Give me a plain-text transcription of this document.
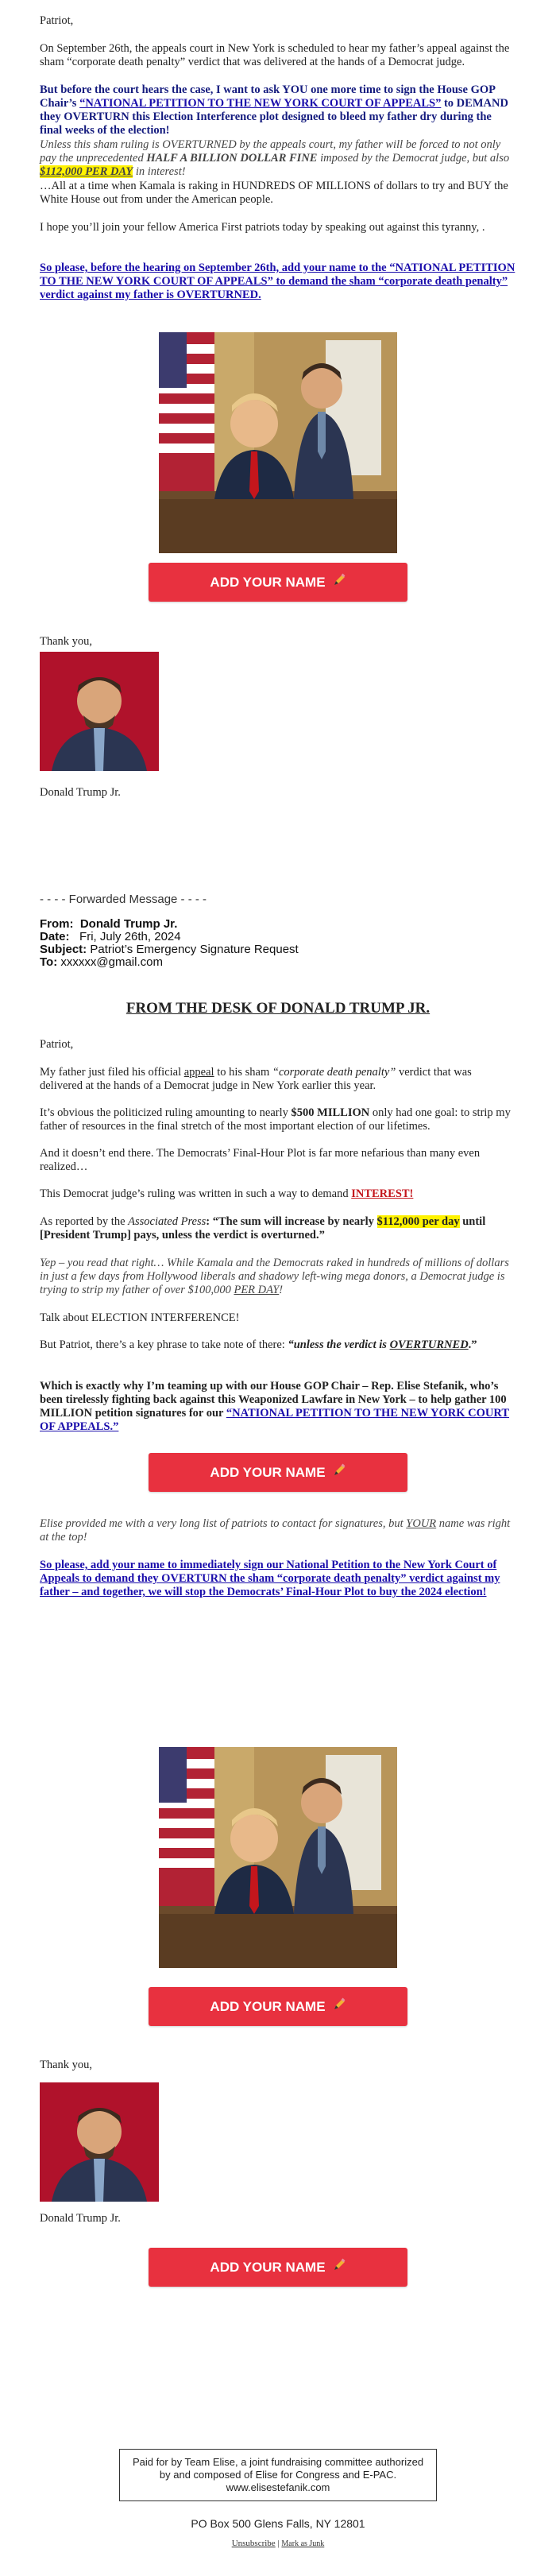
Patriot,

On September 26th, the appeals court in New York is scheduled to hear my father’s appeal against the sham “corporate death penalty” verdict that was delivered at the hands of a Democrat judge.

But before the court hears the case, I want to ask YOU one more time to sign the House GOP Chair’s “NATIONAL PETITION TO THE NEW YORK COURT OF APPEALS” to DEMAND they OVERTURN this Election Interference plot designed to bleed my father dry during the final weeks of the election!

Unless this sham ruling is OVERTURNED by the appeals court, my father will be forced to not only pay the unprecedented HALF A BILLION DOLLAR FINE imposed by the Democrat judge, but also $112,000 PER DAY in interest!

…All at a time when Kamala is raking in HUNDREDS OF MILLIONS of dollars to try and BUY the White House out from under the American people.

I hope you’ll join your fellow America First patriots today by speaking out against this tyranny, .

So please, before the hearing on September 26th, add your name to the “NATIONAL PETITION TO THE NEW YORK COURT OF APPEALS” to demand the sham “corporate death penalty” verdict against my father is OVERTURNED.

ADD YOUR NAME

Thank you,

Donald Trump Jr.

- - - - Forwarded Message - - - -

From: Donald Trump Jr.
Date: Fri, July 26th, 2024
Subject: Patriot’s Emergency Signature Request
To: xxxxxx@gmail.com

FROM THE DESK OF DONALD TRUMP JR.

Patriot,

My father just filed his official appeal to his sham “corporate death penalty” verdict that was delivered at the hands of a Democrat judge in New York earlier this year.

It’s obvious the politicized ruling amounting to nearly $500 MILLION only had one goal: to strip my father of resources in the final stretch of the most important election of our lifetimes.

And it doesn’t end there. The Democrats’ Final-Hour Plot is far more nefarious than many even realized…

This Democrat judge’s ruling was written in such a way to demand INTEREST!

As reported by the Associated Press: “The sum will increase by nearly $112,000 per day until [President Trump] pays, unless the verdict is overturned.”

Yep – you read that right… While Kamala and the Democrats raked in hundreds of millions of dollars in just a few days from Hollywood liberals and shadowy left-wing mega donors, a Democrat judge is trying to strip my father of over $100,000 PER DAY!

Talk about ELECTION INTERFERENCE!

But Patriot, there’s a key phrase to take note of there: “unless the verdict is OVERTURNED.”

Which is exactly why I’m teaming up with our House GOP Chair – Rep. Elise Stefanik, who’s been tirelessly fighting back against this Weaponized Lawfare in New York – to help gather 100 MILLION petition signatures for our “NATIONAL PETITION TO THE NEW YORK COURT OF APPEALS.”

ADD YOUR NAME

Elise provided me with a very long list of patriots to contact for signatures, but YOUR name was right at the top!

So please, add your name to immediately sign our National Petition to the New York Court of Appeals to demand they OVERTURN the sham “corporate death penalty” verdict against my father – and together, we will stop the Democrats’ Final-Hour Plot to buy the 2024 election!

ADD YOUR NAME

Thank you,

Donald Trump Jr.

ADD YOUR NAME
Paid for by Team Elise, a joint fundraising committee authorized by and composed of Elise for Congress and E-PAC. www.elisestefanik.com

PO Box 500 Glens Falls, NY 12801

Unsubscribe | Mark as Junk
